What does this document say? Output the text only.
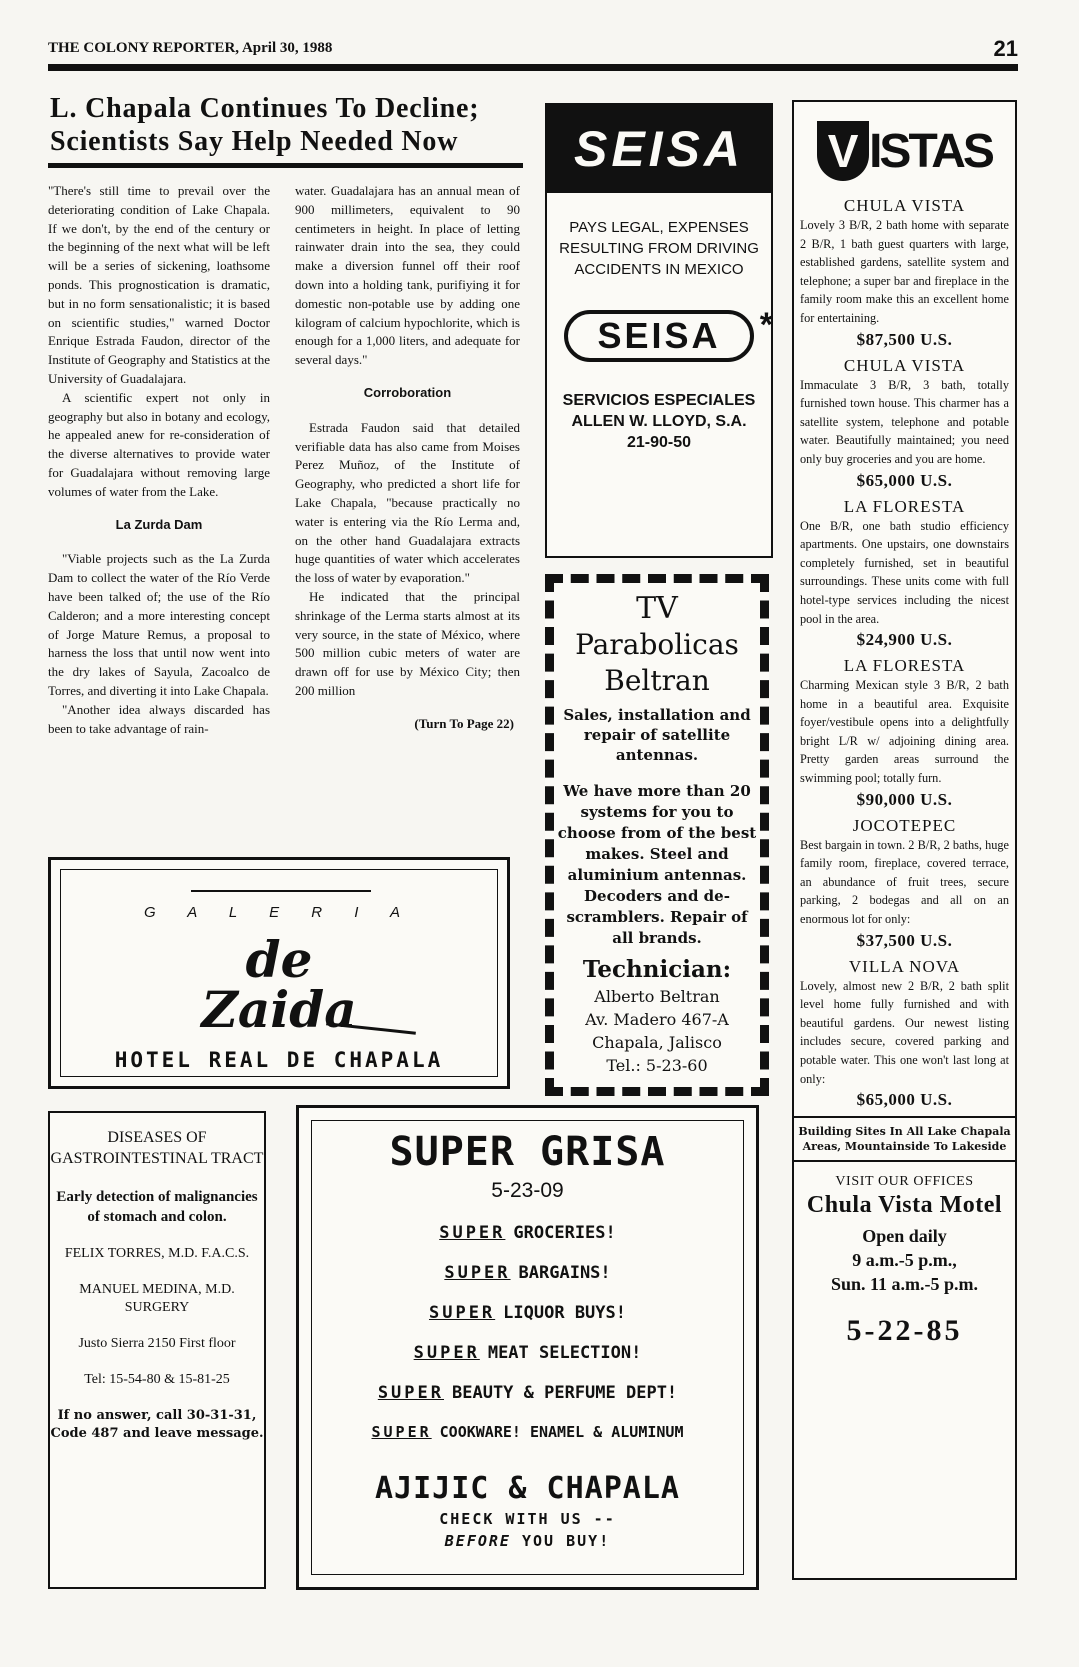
THE COLONY REPORTER, April 30, 1988	21
L. Chapala Continues To Decline; Scientists Say Help Needed Now

"There's still time to prevail over the deteriorating condition of Lake Chapala. If we don't, by the end of the century or the beginning of the next what will be left will be a series of sickening, loathsome ponds. This prognostication is dramatic, but in no form sensationalistic; it is based on scientific studies," warned Doctor Enrique Estrada Faudon, director of the Institute of Geography and Statistics at the University of Guadalajara.

A scientific expert not only in geography but also in botany and ecology, he appealed anew for re-consideration of the diverse alternatives to provide water for Guadalajara without removing large volumes of water from the Lake.

La Zurda Dam

"Viable projects such as the La Zurda Dam to collect the water of the Río Verde have been talked of; the use of the Río Calderon; and a more interesting concept of Jorge Mature Remus, a proposal to harness the loss that until now went into the dry lakes of Sayula, Zacoalco de Torres, and diverting it into Lake Chapala.

"Another idea always discarded has been to take advantage of rain-

water. Guadalajara has an annual mean of 900 millimeters, equivalent to 90 centimeters in height. In place of letting rainwater drain into the sea, they could make a diversion funnel off their roof down into a holding tank, purifiying it for domestic non-potable use by adding one kilogram of calcium hypochlorite, which is enough for a 1,000 liters, and adequate for several days."

Corroboration

Estrada Faudon said that detailed verifiable data has also came from Moises Perez Muñoz, of the Institute of Geography, who predicted a short life for Lake Chapala, "because practically no water is entering via the Río Lerma and, on the other hand Guadalajara extracts huge quantities of water which accelerates the loss of water by evaporation."

He indicated that the principal shrinkage of the Lerma starts almost at its very source, in the state of México, where 500 million cubic meters of water are drawn off for use by México City; then 200 million

(Turn To Page 22)
SEISA
PAYS LEGAL, EXPENSES RESULTING FROM DRIVING ACCIDENTS IN MEXICO
SEISA *
SERVICIOS ESPECIALES
ALLEN W. LLOYD, S.A.
21-90-50
TV
Parabolicas
Beltran
Sales, installation and repair of satellite antennas.
We have more than 20 systems for you to choose from of the best makes. Steel and aluminium antennas. Decoders and de-scramblers. Repair of all brands.
Technician:
Alberto Beltran
Av. Madero 467-A
Chapala, Jalisco
Tel.: 5-23-60
V ISTAS
CHULA VISTA
Lovely 3 B/R, 2 bath home with separate 2 B/R, 1 bath guest quarters with large, established gardens, satellite system and telephone; a super bar and fireplace in the family room make this an excellent home for entertaining.
$87,500 U.S.
CHULA VISTA
Immaculate 3 B/R, 3 bath, totally furnished town house. This charmer has a satellite system, telephone and potable water. Beautifully maintained; you need only buy groceries and you are home.
$65,000 U.S.
LA FLORESTA
One B/R, one bath studio efficiency apartments. One upstairs, one downstairs completely furnished, set in beautiful surroundings. These units come with full hotel-type services including the nicest pool in the area.
$24,900 U.S.
LA FLORESTA
Charming Mexican style 3 B/R, 2 bath home in a beautiful area. Exquisite foyer/vestibule opens into a delightfully bright L/R w/ adjoining dining area. Pretty garden areas surround the swimming pool; totally furn.
$90,000 U.S.
JOCOTEPEC
Best bargain in town. 2 B/R, 2 baths, huge family room, fireplace, covered terrace, an abundance of fruit trees, secure parking, 2 bodegas and all on an enormous lot for only:
$37,500 U.S.
VILLA NOVA
Lovely, almost new 2 B/R, 2 bath split level home fully furnished and with beautiful gardens. Our newest listing includes secure, covered parking and potable water. This one won't last long at only:
$65,000 U.S.
Building Sites In All Lake Chapala Areas, Mountainside To Lakeside
VISIT OUR OFFICES
Chula Vista Motel
Open daily
9 a.m.-5 p.m.,
Sun. 11 a.m.-5 p.m.
5-22-85
G A L E R I A
de
Zaida
HOTEL REAL DE CHAPALA
DISEASES OF GASTROINTESTINAL TRACT
Early detection of malignancies of stomach and colon.
FELIX TORRES, M.D. F.A.C.S.
MANUEL MEDINA, M.D. SURGERY
Justo Sierra 2150 First floor
Tel: 15-54-80 & 15-81-25
If no answer, call 30-31-31, Code 487 and leave message.
SUPER GRISA
5-23-09
SUPER GROCERIES!
SUPER BARGAINS!
SUPER LIQUOR BUYS!
SUPER MEAT SELECTION!
SUPER BEAUTY & PERFUME DEPT!
SUPER COOKWARE! ENAMEL & ALUMINUM
AJIJIC & CHAPALA
CHECK WITH US --
BEFORE YOU BUY!
